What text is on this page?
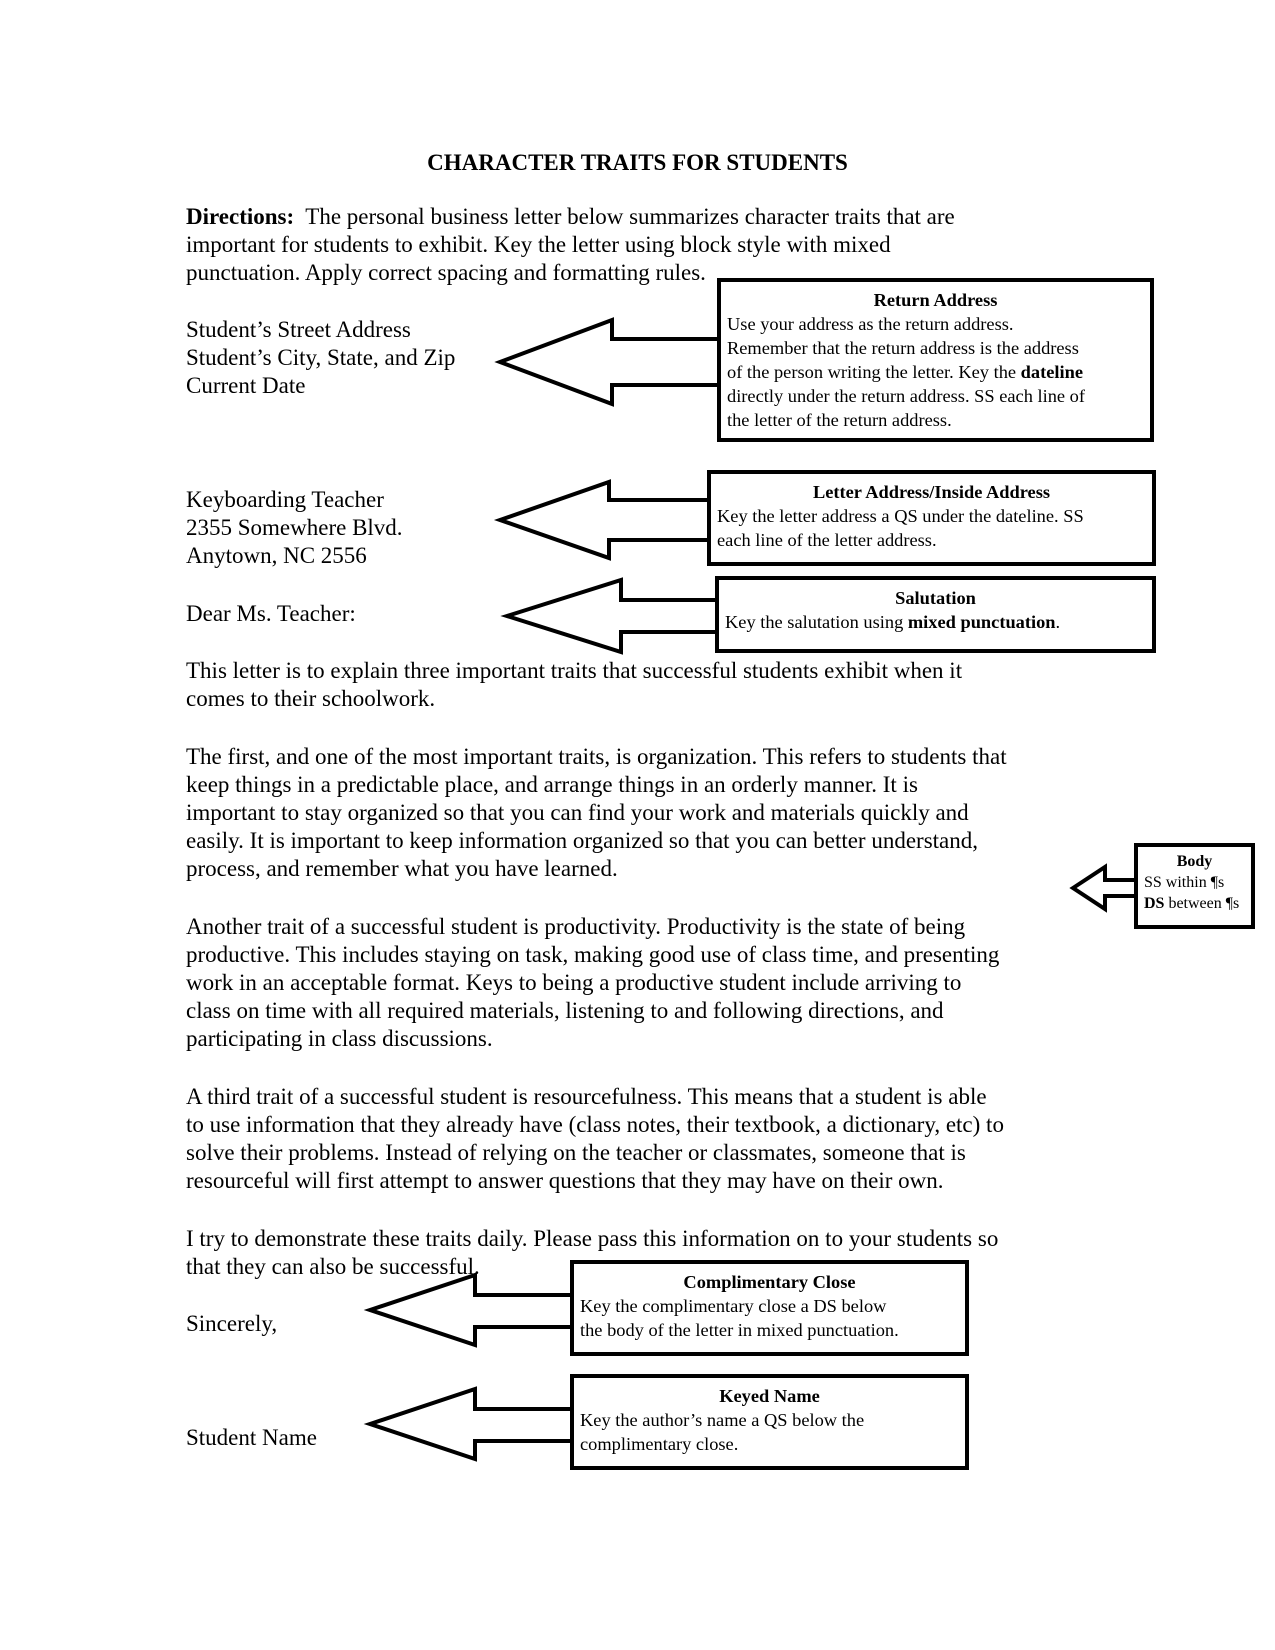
CHARACTER TRAITS FOR STUDENTS
Directions: The personal business letter below summarizes character traits that are
important for students to exhibit. Key the letter using block style with mixed
punctuation. Apply correct spacing and formatting rules.
Student’s Street Address
Student’s City, State, and Zip
Current Date
Keyboarding Teacher
2355 Somewhere Blvd.
Anytown, NC 2556
Dear Ms. Teacher:
This letter is to explain three important traits that successful students exhibit when it
comes to their schoolwork.
The first, and one of the most important traits, is organization. This refers to students that
keep things in a predictable place, and arrange things in an orderly manner. It is
important to stay organized so that you can find your work and materials quickly and
easily. It is important to keep information organized so that you can better understand,
process, and remember what you have learned.
Another trait of a successful student is productivity. Productivity is the state of being
productive. This includes staying on task, making good use of class time, and presenting
work in an acceptable format. Keys to being a productive student include arriving to
class on time with all required materials, listening to and following directions, and
participating in class discussions.
A third trait of a successful student is resourcefulness. This means that a student is able
to use information that they already have (class notes, their textbook, a dictionary, etc) to
solve their problems. Instead of relying on the teacher or classmates, someone that is
resourceful will first attempt to answer questions that they may have on their own.
I try to demonstrate these traits daily. Please pass this information on to your students so
that they can also be successful.
Sincerely,
Student Name
Return Address
Use your address as the return address.
Remember that the return address is the address
of the person writing the letter. Key the dateline
directly under the return address. SS each line of
the letter of the return address.
Letter Address/Inside Address
Key the letter address a QS under the dateline. SS
each line of the letter address.
Salutation
Key the salutation using mixed punctuation.
Body
SS within ¶s
DS between ¶s
Complimentary Close
Key the complimentary close a DS below
the body of the letter in mixed punctuation.
Keyed Name
Key the author’s name a QS below the
complimentary close.
